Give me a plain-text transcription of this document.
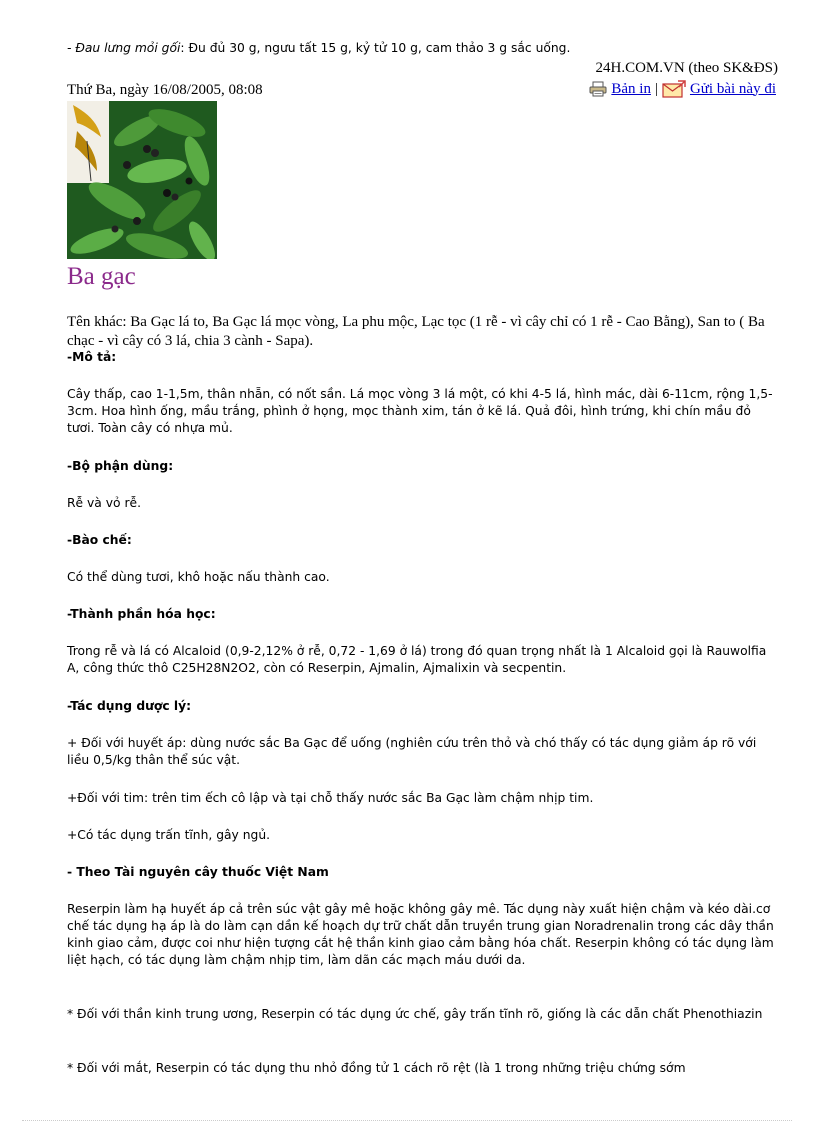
- Đau lưng mỏi gối: Đu đủ 30 g, ngưu tất 15 g, kỷ tử 10 g, cam thảo 3 g sắc uống.
24H.COM.VN (theo SK&ĐS)
Thứ Ba, ngày 16/08/2005, 08:08	Bản in | Gửi bài này đi
Ba gạc
Tên khác: Ba Gạc lá to, Ba Gạc lá mọc vòng, La phu mộc, Lạc tọc (1 rễ - vì cây chỉ có 1 rễ - Cao Bằng), San to ( Ba chạc - vì cây có 3 lá, chia 3 cành - Sapa).
-Mô tả:
Cây thấp, cao 1-1,5m, thân nhẵn, có nốt sần. Lá mọc vòng 3 lá một, có khi 4-5 lá, hình mác, dài 6-11cm, rộng 1,5-3cm. Hoa hình ống, mầu trắng, phình ở họng, mọc thành xim, tán ở kẽ lá. Quả đôi, hình trứng, khi chín mầu đỏ tươi. Toàn cây có nhựa mủ.
-Bộ phận dùng:
Rễ và vỏ rễ.
-Bào chế:
Có thể dùng tươi, khô hoặc nấu thành cao.
-Thành phần hóa học:
Trong rễ và lá có Alcaloid (0,9-2,12% ở rễ, 0,72 - 1,69 ở lá) trong đó quan trọng nhất là 1 Alcaloid gọi là Rauwolfia A, công thức thô C25H28N2O2, còn có Reserpin, Ajmalin, Ajmalixin và secpentin.
-Tác dụng dược lý:
+ Đối với huyết áp: dùng nước sắc Ba Gạc để uống (nghiên cứu trên thỏ và chó thấy có tác dụng giảm áp rõ với liều 0,5/kg thân thể súc vật.
+Đối với tim: trên tim ếch cô lập và tại chỗ thấy nước sắc Ba Gạc làm chậm nhịp tim.
+Có tác dụng trấn tĩnh, gây ngủ.
- Theo Tài nguyên cây thuốc Việt Nam
Reserpin làm hạ huyết áp cả trên súc vật gây mê hoặc không gây mê. Tác dụng này xuất hiện chậm và kéo dài.cơ chế tác dụng hạ áp là do làm cạn dần kế hoạch dự trữ chất dẫn truyền trung gian Noradrenalin trong các dây thần kinh giao cảm, được coi như hiện tượng cắt hệ thần kinh giao cảm bằng hóa chất. Reserpin không có tác dụng làm liệt hạch, có tác dụng làm chậm nhịp tim, làm dãn các mạch máu dưới da.
* Đối với thần kinh trung ương, Reserpin có tác dụng ức chế, gây trấn tĩnh rõ, giống là các dẫn chất Phenothiazin
* Đối với mắt, Reserpin có tác dụng thu nhỏ đồng tử 1 cách rõ rệt (là 1 trong những triệu chứng sớm
